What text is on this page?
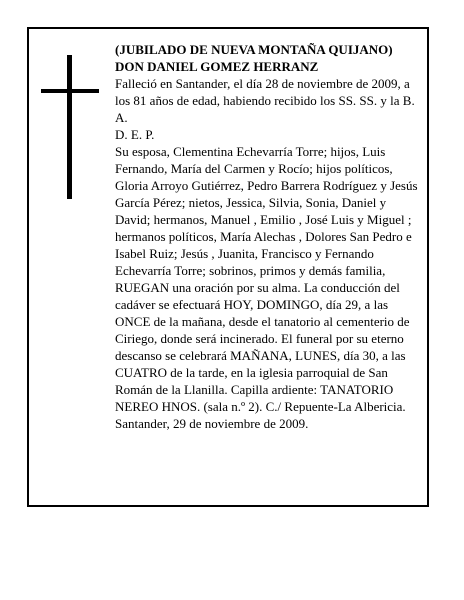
(JUBILADO DE NUEVA MONTAÑA QUIJANO)

DON DANIEL GOMEZ HERRANZ

Falleció en Santander, el día 28 de noviembre de 2009, a los 81 años de edad, habiendo recibido los SS. SS. y la B. A.

D. E. P.

Su esposa, Clementina Echevarría Torre; hijos, Luis Fernando, María del Carmen y Rocío; hijos políticos, Gloria Arroyo Gutiérrez, Pedro Barrera Rodríguez y Jesús García Pérez; nietos, Jessica, Silvia, Sonia, Daniel y David; hermanos, Manuel , Emilio , José Luis y Miguel ; hermanos políticos, María Alechas , Dolores San Pedro e Isabel Ruiz; Jesús , Juanita, Francisco y Fernando Echevarría Torre; sobrinos, primos y demás familia,

RUEGAN una oración por su alma. La conducción del cadáver se efectuará HOY, DOMINGO, día 29, a las ONCE de la mañana, desde el tanatorio al cementerio de Ciriego, donde será incinerado. El funeral por su eterno descanso se celebrará MAÑANA, LUNES, día 30, a las CUATRO de la tarde, en la iglesia parroquial de San Román de la Llanilla. Capilla ardiente: TANATORIO NEREO HNOS. (sala n.º 2). C./ Repuente-La Albericia.

Santander, 29 de noviembre de 2009.
